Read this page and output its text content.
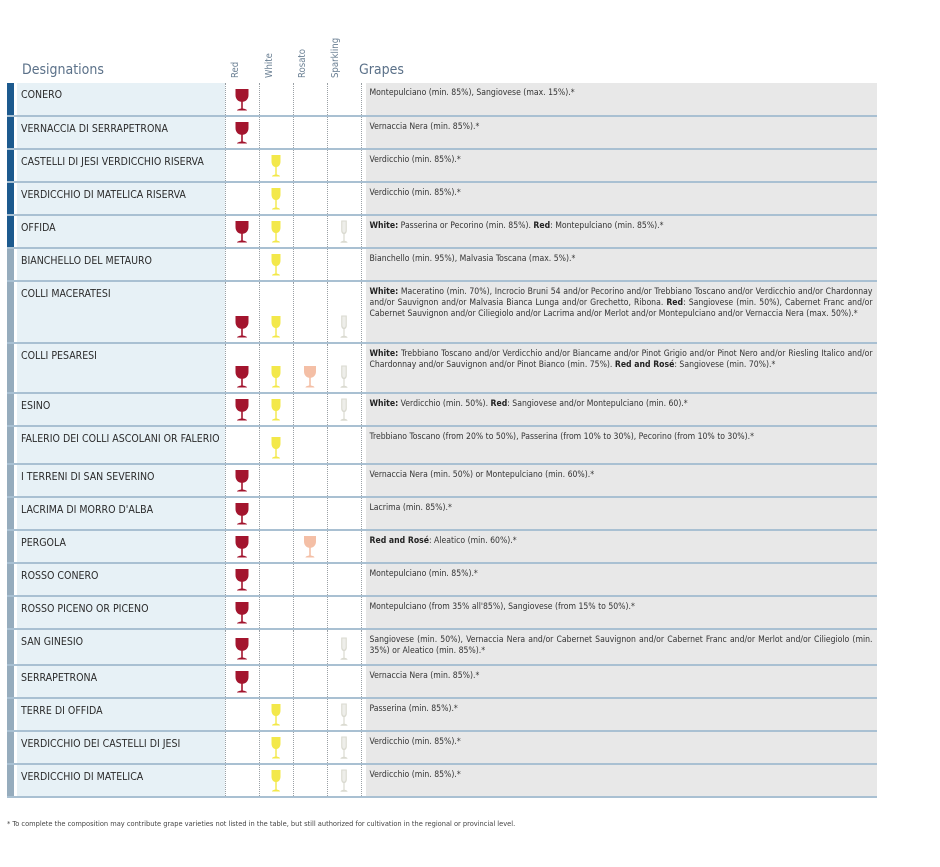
Designations	Red White Rosato Sparkling Grapes
		CONERO						Montepulciano (min. 85%), Sangiovese (max. 15%).*
		VERNACCIA DI SERRAPETRONA						Vernaccia Nera (min. 85%).*
		CASTELLI DI JESI VERDICCHIO RISERVA						Verdicchio (min. 85%).*
		VERDICCHIO DI MATELICA RISERVA						Verdicchio (min. 85%).*
		OFFIDA						White: Passerina or Pecorino (min. 85%). Red: Montepulciano (min. 85%).*
		BIANCHELLO DEL METAURO						Bianchello (min. 95%), Malvasia Toscana (max. 5%).*
		COLLI MACERATESI						White: Maceratino (min. 70%), Incrocio Bruni 54 and/or Pecorino and/or Trebbiano Toscano and/or Verdicchio and/or Chardonnay and/or Sauvignon and/or Malvasia Bianca Lunga and/or Grechetto, Ribona. Red: Sangiovese (min. 50%), Cabernet Franc and/or Cabernet Sauvignon and/or Ciliegiolo and/or Lacrima and/or Merlot and/or Montepulciano and/or Vernaccia Nera (max. 50%).*
		COLLI PESARESI						White: Trebbiano Toscano and/or Verdicchio and/or Biancame and/or Pinot Grigio and/or Pinot Nero and/or Riesling Italico and/or Chardonnay and/or Sauvignon and/or Pinot Bianco (min. 75%). Red and Rosé: Sangiovese (min. 70%).*
		ESINO						White: Verdicchio (min. 50%). Red: Sangiovese and/or Montepulciano (min. 60).*
		FALERIO DEI COLLI ASCOLANI OR FALERIO						Trebbiano Toscano (from 20% to 50%), Passerina (from 10% to 30%), Pecorino (from 10% to 30%).*
		I TERRENI DI SAN SEVERINO						Vernaccia Nera (min. 50%) or Montepulciano (min. 60%).*
		LACRIMA DI MORRO D'ALBA						Lacrima (min. 85%).*
		PERGOLA						Red and Rosé: Aleatico (min. 60%).*
		ROSSO CONERO						Montepulciano (min. 85%).*
		ROSSO PICENO OR PICENO						Montepulciano (from 35% all'85%), Sangiovese (from 15% to 50%).*
		SAN GINESIO						Sangiovese (min. 50%), Vernaccia Nera and/or Cabernet Sauvignon and/or Cabernet Franc and/or Merlot and/or Ciliegiolo (min. 35%) or Aleatico (min. 85%).*
		SERRAPETRONA						Vernaccia Nera (min. 85%).*
		TERRE DI OFFIDA						Passerina (min. 85%).*
		VERDICCHIO DEI CASTELLI DI JESI						Verdicchio (min. 85%).*
		VERDICCHIO DI MATELICA						Verdicchio (min. 85%).*
* To complete the composition may contribute grape varieties not listed in the table, but still authorized for cultivation in the regional or provincial level.
